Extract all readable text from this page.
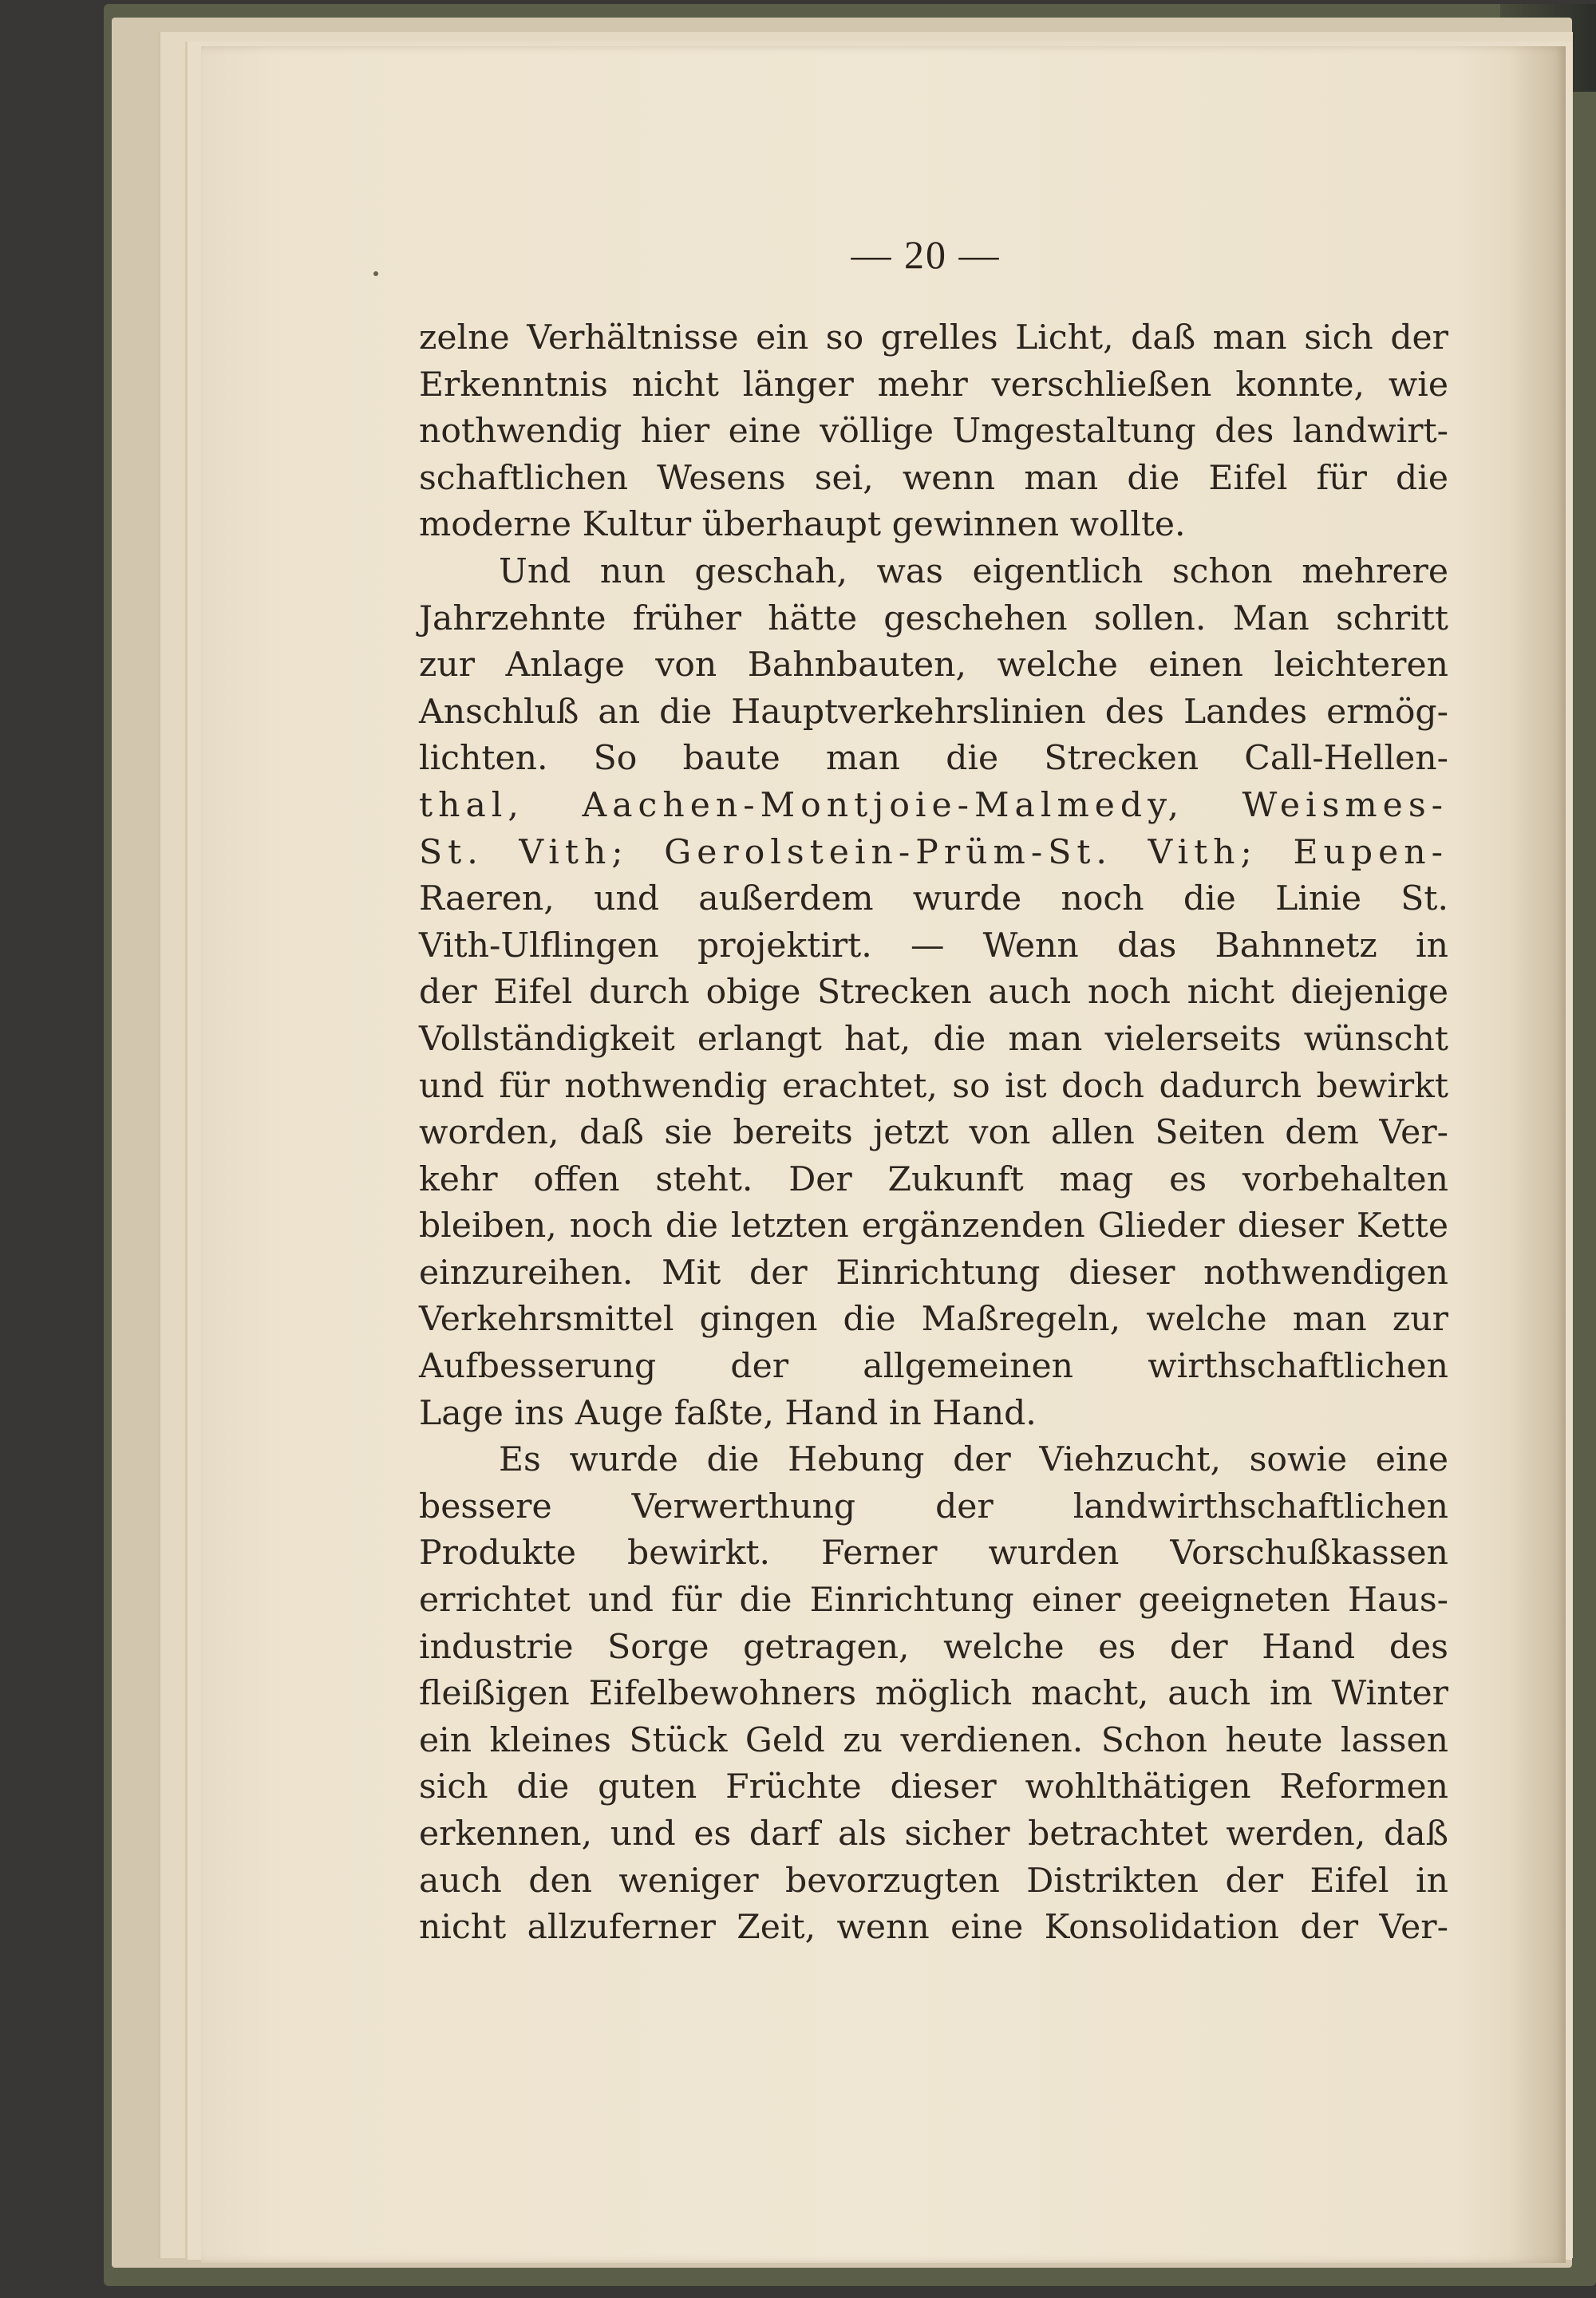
— 20 —
zelne Verhältnisse ein so grelles Licht, daß man sich der
Erkenntnis nicht länger mehr verschließen konnte, wie
nothwendig hier eine völlige Umgestaltung des landwirt-
schaftlichen Wesens sei, wenn man die Eifel für die
moderne Kultur überhaupt gewinnen wollte.
Und nun geschah, was eigentlich schon mehrere
Jahrzehnte früher hätte geschehen sollen. Man schritt
zur Anlage von Bahnbauten, welche einen leichteren
Anschluß an die Hauptverkehrslinien des Landes ermög-
lichten. So baute man die Strecken Call-Hellen-
thal, Aachen-Montjoie-Malmedy, Weismes-
St. Vith; Gerolstein-Prüm-St. Vith; Eupen-
Raeren, und außerdem wurde noch die Linie St.
Vith-Ulflingen projektirt. — Wenn das Bahnnetz in
der Eifel durch obige Strecken auch noch nicht diejenige
Vollständigkeit erlangt hat, die man vielerseits wünscht
und für nothwendig erachtet, so ist doch dadurch bewirkt
worden, daß sie bereits jetzt von allen Seiten dem Ver-
kehr offen steht. Der Zukunft mag es vorbehalten
bleiben, noch die letzten ergänzenden Glieder dieser Kette
einzureihen. Mit der Einrichtung dieser nothwendigen
Verkehrsmittel gingen die Maßregeln, welche man zur
Aufbesserung der allgemeinen wirthschaftlichen
Lage ins Auge faßte, Hand in Hand.
Es wurde die Hebung der Viehzucht, sowie eine
bessere Verwerthung der landwirthschaftlichen
Produkte bewirkt. Ferner wurden Vorschußkassen
errichtet und für die Einrichtung einer geeigneten Haus-
industrie Sorge getragen, welche es der Hand des
fleißigen Eifelbewohners möglich macht, auch im Winter
ein kleines Stück Geld zu verdienen. Schon heute lassen
sich die guten Früchte dieser wohlthätigen Reformen
erkennen, und es darf als sicher betrachtet werden, daß
auch den weniger bevorzugten Distrikten der Eifel in
nicht allzuferner Zeit, wenn eine Konsolidation der Ver-
